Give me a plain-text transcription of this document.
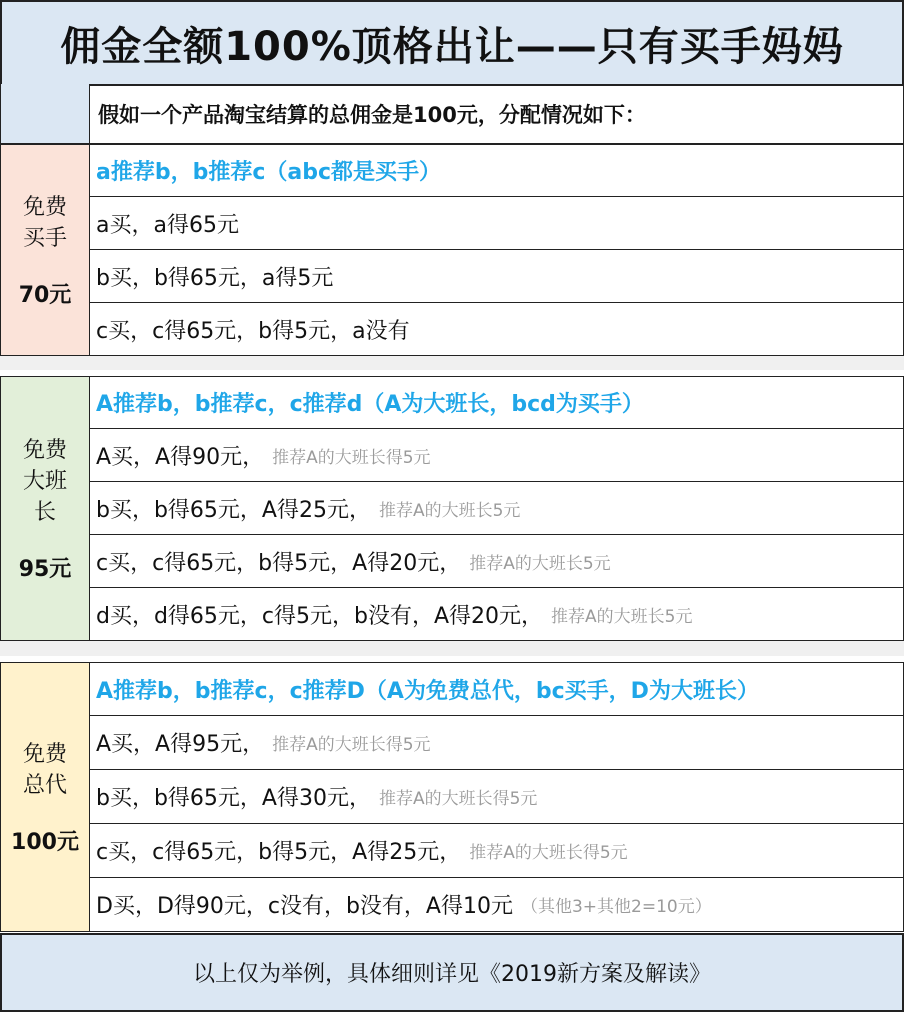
佣金全额100%顶格出让——只有买手妈妈
假如一个产品淘宝结算的总佣金是100元，分配情况如下：
免费
买手
70元
a推荐b，b推荐c（abc都是买手）
a买，a得65元
b买，b得65元，a得5元
c买，c得65元，b得5元，a没有
免费
大班
长
95元
A推荐b，b推荐c，c推荐d（A为大班长，bcd为买手）
A买，A得90元， 推荐A的大班长得5元
b买，b得65元，A得25元， 推荐A的大班长5元
c买，c得65元，b得5元，A得20元， 推荐A的大班长5元
d买，d得65元，c得5元，b没有，A得20元， 推荐A的大班长5元
免费
总代
100元
A推荐b，b推荐c，c推荐D（A为免费总代，bc买手，D为大班长）
A买，A得95元， 推荐A的大班长得5元
b买，b得65元，A得30元， 推荐A的大班长得5元
c买，c得65元，b得5元，A得25元， 推荐A的大班长得5元
D买，D得90元，c没有，b没有，A得10元 （其他3+其他2=10元）
以上仅为举例，具体细则详见《2019新方案及解读》
